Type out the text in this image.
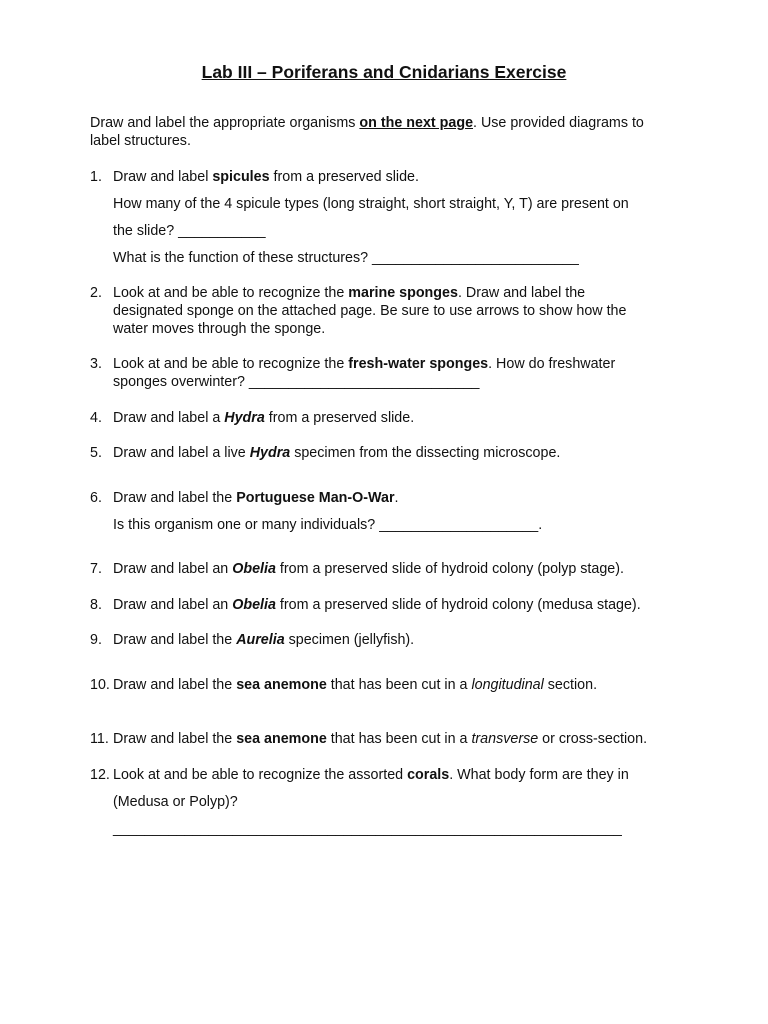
Lab III – Poriferans and Cnidarians Exercise
Draw and label the appropriate organisms on the next page. Use provided diagrams to
label structures.
1. Draw and label spicules from a preserved slide.
How many of the 4 spicule types (long straight, short straight, Y, T) are present on
the slide? ___________
What is the function of these structures? __________________________
2. Look at and be able to recognize the marine sponges. Draw and label the
designated sponge on the attached page. Be sure to use arrows to show how the
water moves through the sponge.
3. Look at and be able to recognize the fresh-water sponges. How do freshwater
sponges overwinter? _____________________________
4. Draw and label a Hydra from a preserved slide.
5. Draw and label a live Hydra specimen from the dissecting microscope.
6. Draw and label the Portuguese Man-O-War.
Is this organism one or many individuals? ____________________.
7. Draw and label an Obelia from a preserved slide of hydroid colony (polyp stage).
8. Draw and label an Obelia from a preserved slide of hydroid colony (medusa stage).
9. Draw and label the Aurelia specimen (jellyfish).
10. Draw and label the sea anemone that has been cut in a longitudinal section.
11. Draw and label the sea anemone that has been cut in a transverse or cross-section.
12. Look at and be able to recognize the assorted corals. What body form are they in
(Medusa or Polyp)?
________________________________________________________________
